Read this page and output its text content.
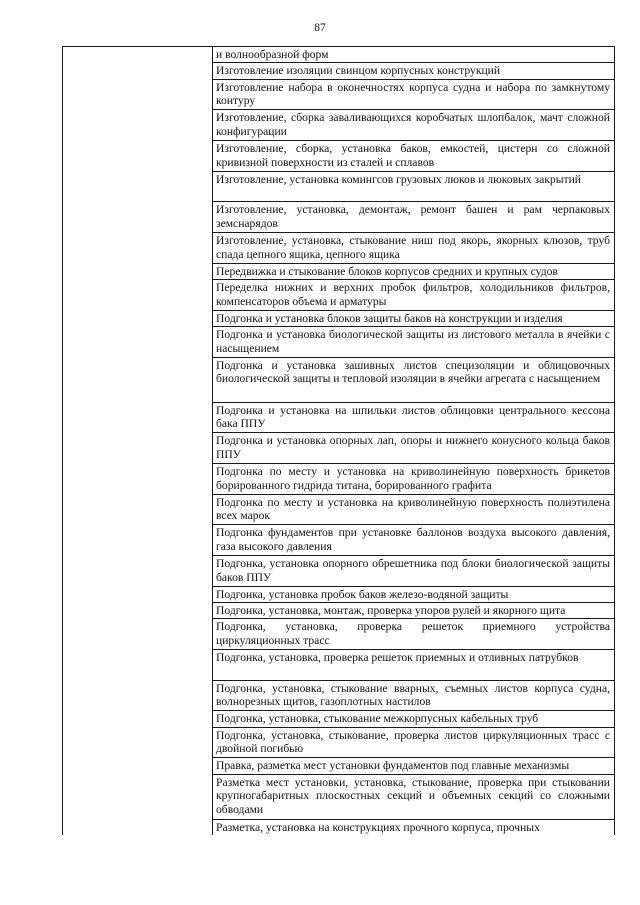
87
и волнообразной форм
Изготовление изоляции свинцом корпусных конструкций
Изготовление набора в оконечностях корпуса судна и набора по замкнутому контуру
Изготовление, сборка заваливающихся коробчатых шлопбалок, мачт сложной конфигурации
Изготовление, сборка, установка баков, емкостей, цистерн со сложной кривизной поверхности из сталей и сплавов
Изготовление, установка комингсов грузовых люков и люковых закрытий
Изготовление, установка, демонтаж, ремонт башен и рам черпаковых земснарядов
Изготовление, установка, стыкование ниш под якорь, якорных клюзов, труб спада цепного ящика, цепного ящика
Передвижка и стыкование блоков корпусов средних и крупных судов
Переделка нижних и верхних пробок фильтров, холодильников фильтров, компенсаторов объема и арматуры
Подгонка и установка блоков защиты баков на конструкции и изделия
Подгонка и установка биологической защиты из листового металла в ячейки с насыщением
Подгонка и установка зашивных листов специзоляции и облицовочных биологической защиты и тепловой изоляции в ячейки агрегата с насыщением
Подгонка и установка на шпильки листов облицовки центрального кессона бака ППУ
Подгонка и установка опорных лап, опоры и нижнего конусного кольца баков ППУ
Подгонка по месту и установка на криволинейную поверхность брикетов борированного гидрида титана, борированного графита
Подгонка по месту и установка на криволинейную поверхность полиэтилена всех марок
Подгонка фундаментов при установке баллонов воздуха высокого давления, газа высокого давления
Подгонка, установка опорного обрешетника под блоки биологической защиты баков ППУ
Подгонка, установка пробок баков железо-водяной защиты
Подгонка, установка, монтаж, проверка упоров рулей и якорного щита
Подгонка, установка, проверка решеток приемного устройства циркуляционных трасс
Подгонка, установка, проверка решеток приемных и отливных патрубков
Подгонка, установка, стыкование вварных, съемных листов корпуса судна, волнорезных щитов, газоплотных настилов
Подгонка, установка, стыкование межкорпусных кабельных труб
Подгонка, установка, стыкование, проверка листов циркуляционных трасс с двойной погибью
Правка, разметка мест установки фундаментов под главные механизмы
Разметка мест установки, установка, стыкование, проверка при стыковании крупногабаритных плоскостных секций и объемных секций со сложными обводами
Разметка, установка на конструкциях прочного корпуса, прочных
